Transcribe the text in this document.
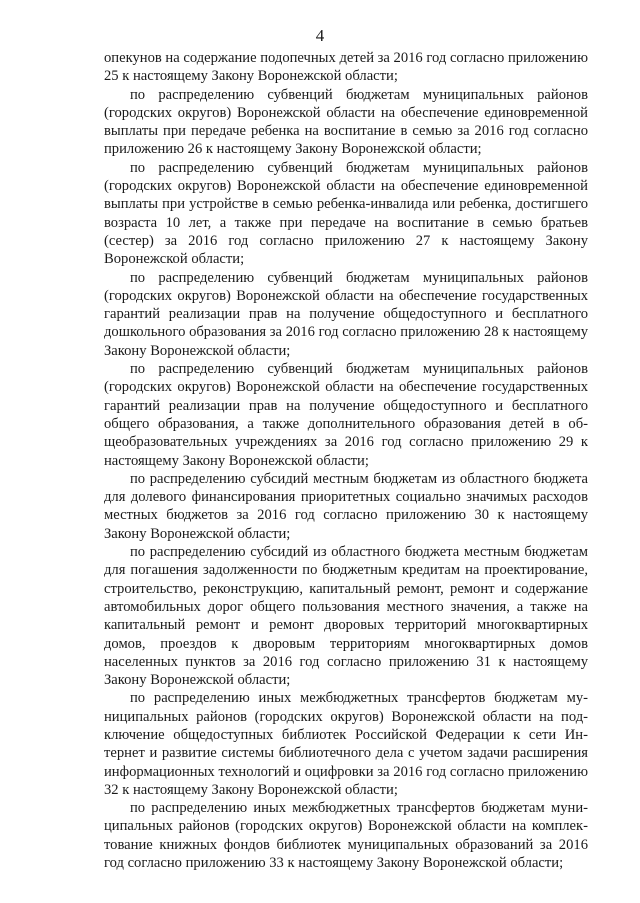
4

опекунов на содержание подопечных детей за 2016 год согласно приложению 25 к настоящему Закону Воронежской области;

по распределению субвенций бюджетам муниципальных районов (городских округов) Воронежской области на обеспечение единовременной выплаты при передаче ребенка на воспитание в семью за 2016 год согласно приложению 26 к настоящему Закону Воронежской области;

по распределению субвенций бюджетам муниципальных районов (городских округов) Воронежской области на обеспечение единовременной выплаты при устройстве в семью ребенка-инвалида или ребенка, достигшего возраста 10 лет, а также при передаче на воспитание в семью братьев (сестер) за 2016 год согласно приложению 27 к настоящему Закону Воронежской области;

по распределению субвенций бюджетам муниципальных районов (городских округов) Воронежской области на обеспечение государственных гарантий реализации прав на получение общедоступного и бесплатного дошкольного образования за 2016 год согласно приложению 28 к настоящему Закону Воронежской области;

по распределению субвенций бюджетам муниципальных районов (городских округов) Воронежской области на обеспечение государственных гарантий реализации прав на получение общедоступного и бесплатного общего образования, а также дополнительного образования детей в общеобразовательных учреждениях за 2016 год согласно приложению 29 к настоящему Закону Воронежской области;

по распределению субсидий местным бюджетам из областного бюджета для долевого финансирования приоритетных социально значимых расходов местных бюджетов за 2016 год согласно приложению 30 к настоящему Закону Воронежской области;

по распределению субсидий из областного бюджета местным бюджетам для погашения задолженности по бюджетным кредитам на проектирование, строительство, реконструкцию, капитальный ремонт, ремонт и содержание автомобильных дорог общего пользования местного значения, а также на капитальный ремонт и ремонт дворовых территорий многоквартирных домов, проездов к дворовым территориям многоквартирных домов населенных пунктов за 2016 год согласно приложению 31 к настоящему Закону Воронежской области;

по распределению иных межбюджетных трансфертов бюджетам муниципальных районов (городских округов) Воронежской области на подключение общедоступных библиотек Российской Федерации к сети Интернет и развитие системы библиотечного дела с учетом задачи расширения информационных технологий и оцифровки за 2016 год согласно приложению 32 к настоящему Закону Воронежской области;

по распределению иных межбюджетных трансфертов бюджетам муниципальных районов (городских округов) Воронежской области на комплектование книжных фондов библиотек муниципальных образований за 2016 год согласно приложению 33 к настоящему Закону Воронежской области;
